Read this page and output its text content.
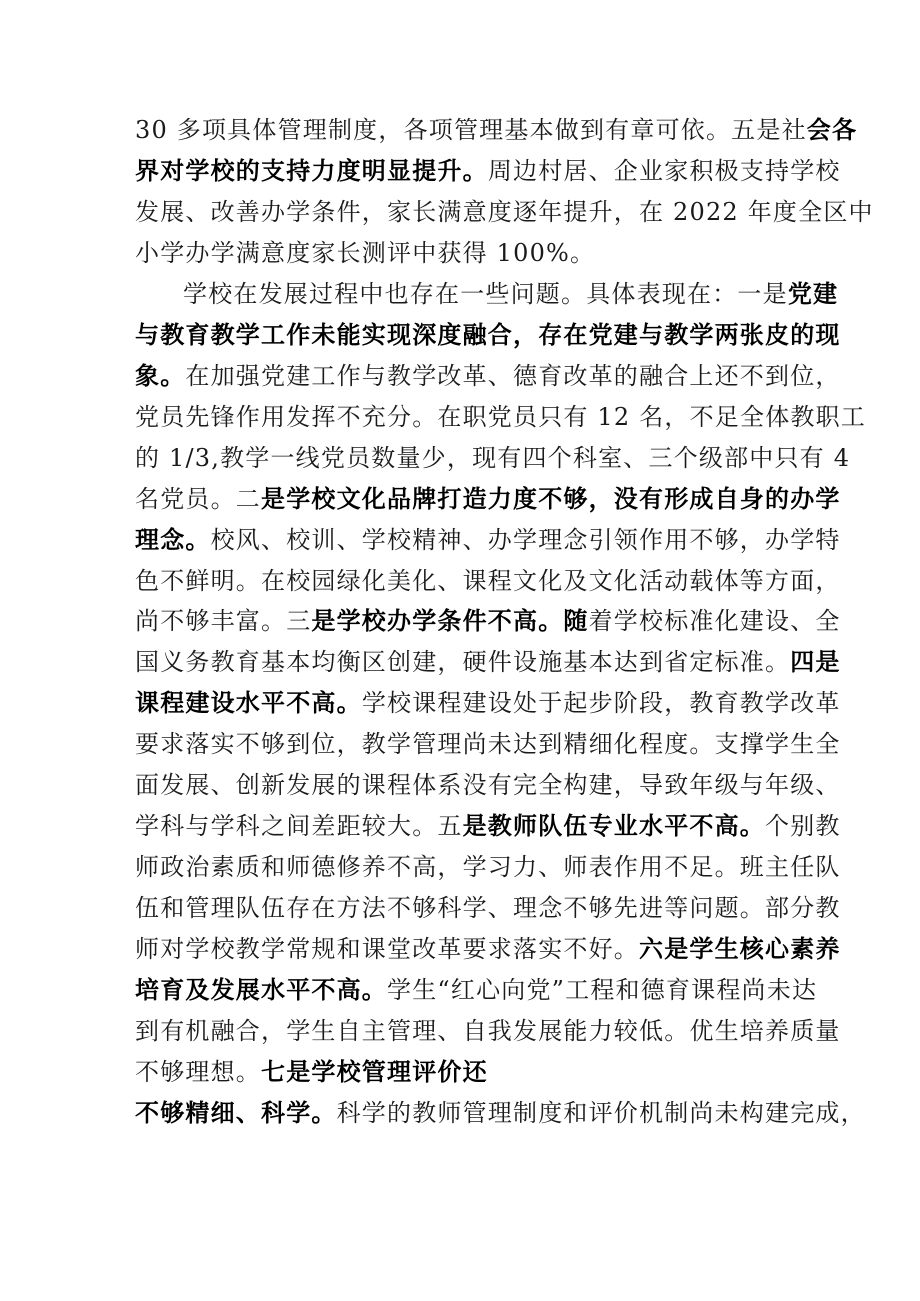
30 多项具体管理制度，各项管理基本做到有章可依。五是社会各
界对学校的支持力度明显提升。周边村居、企业家积极支持学校
发展、改善办学条件，家长满意度逐年提升，在 2022 年度全区中
小学办学满意度家长测评中获得 100%。
学校在发展过程中也存在一些问题。具体表现在：一是党建
与教育教学工作未能实现深度融合，存在党建与教学两张皮的现
象。在加强党建工作与教学改革、德育改革的融合上还不到位，
党员先锋作用发挥不充分。在职党员只有 12 名，不足全体教职工
的 1/3,教学一线党员数量少，现有四个科室、三个级部中只有 4
名党员。二是学校文化品牌打造力度不够，没有形成自身的办学
理念。校风、校训、学校精神、办学理念引领作用不够，办学特
色不鲜明。在校园绿化美化、课程文化及文化活动载体等方面，
尚不够丰富。三是学校办学条件不高。随着学校标准化建设、全
国义务教育基本均衡区创建，硬件设施基本达到省定标准。四是
课程建设水平不高。学校课程建设处于起步阶段，教育教学改革
要求落实不够到位，教学管理尚未达到精细化程度。支撑学生全
面发展、创新发展的课程体系没有完全构建，导致年级与年级、
学科与学科之间差距较大。五是教师队伍专业水平不高。个别教
师政治素质和师德修养不高，学习力、师表作用不足。班主任队
伍和管理队伍存在方法不够科学、理念不够先进等问题。部分教
师对学校教学常规和课堂改革要求落实不好。六是学生核心素养
培育及发展水平不高。学生“红心向党”工程和德育课程尚未达
到有机融合，学生自主管理、自我发展能力较低。优生培养质量
不够理想。七是学校管理评价还
不够精细、科学。科学的教师管理制度和评价机制尚未构建完成，
